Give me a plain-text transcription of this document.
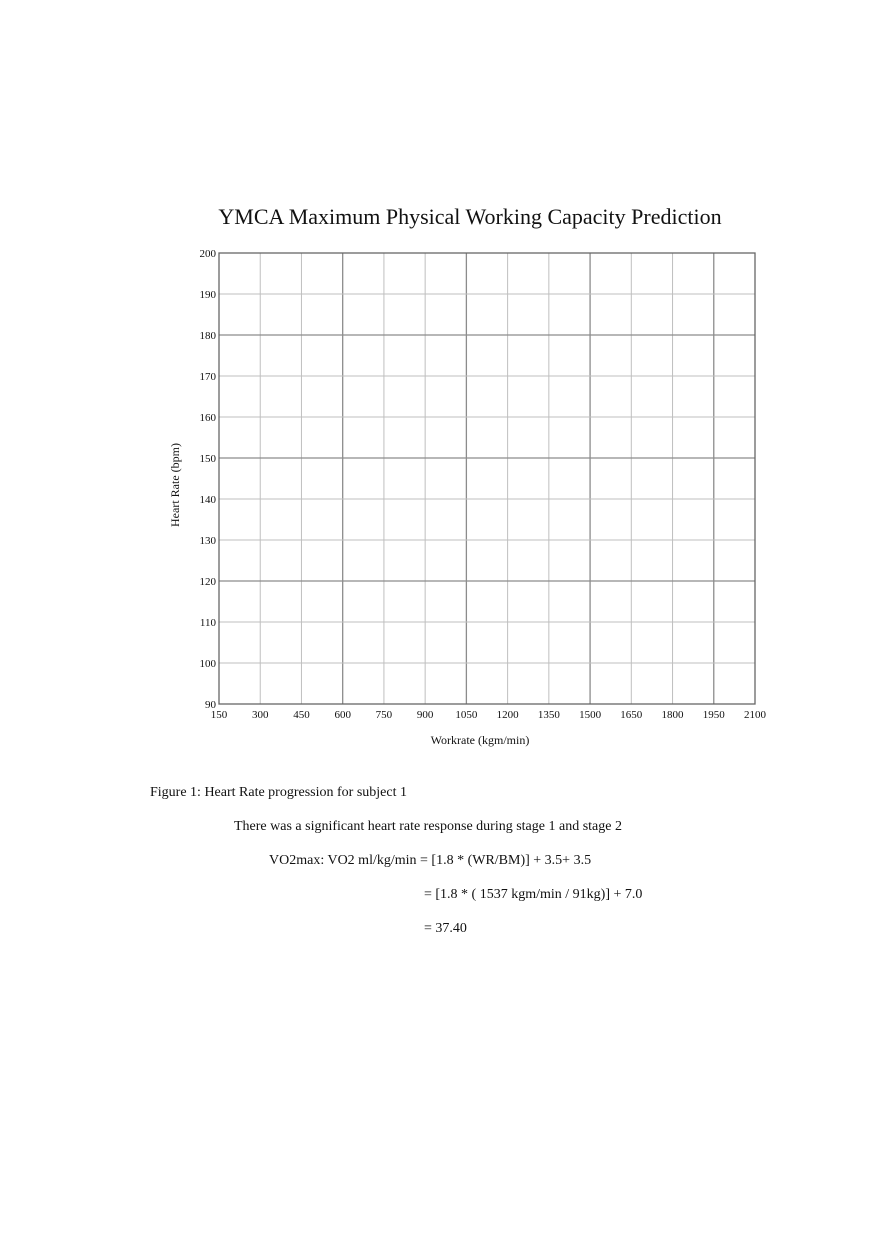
YMCA Maximum Physical Working Capacity Prediction
150 300 450 600 750 900 1050 1200 1350 1500 1650 1800 1950 2100
90
100
110
120
130
140
150
160
170
180
190
200
Workrate (kgm/min)
Heart Rate (bpm)

Figure 1: Heart Rate progression for subject 1

There was a significant heart rate response during stage 1 and stage 2

VO2max: VO2 ml/kg/min = [1.8 * (WR/BM)] + 3.5+ 3.5

= [1.8 * ( 1537 kgm/min / 91kg)] + 7.0

= 37.40
